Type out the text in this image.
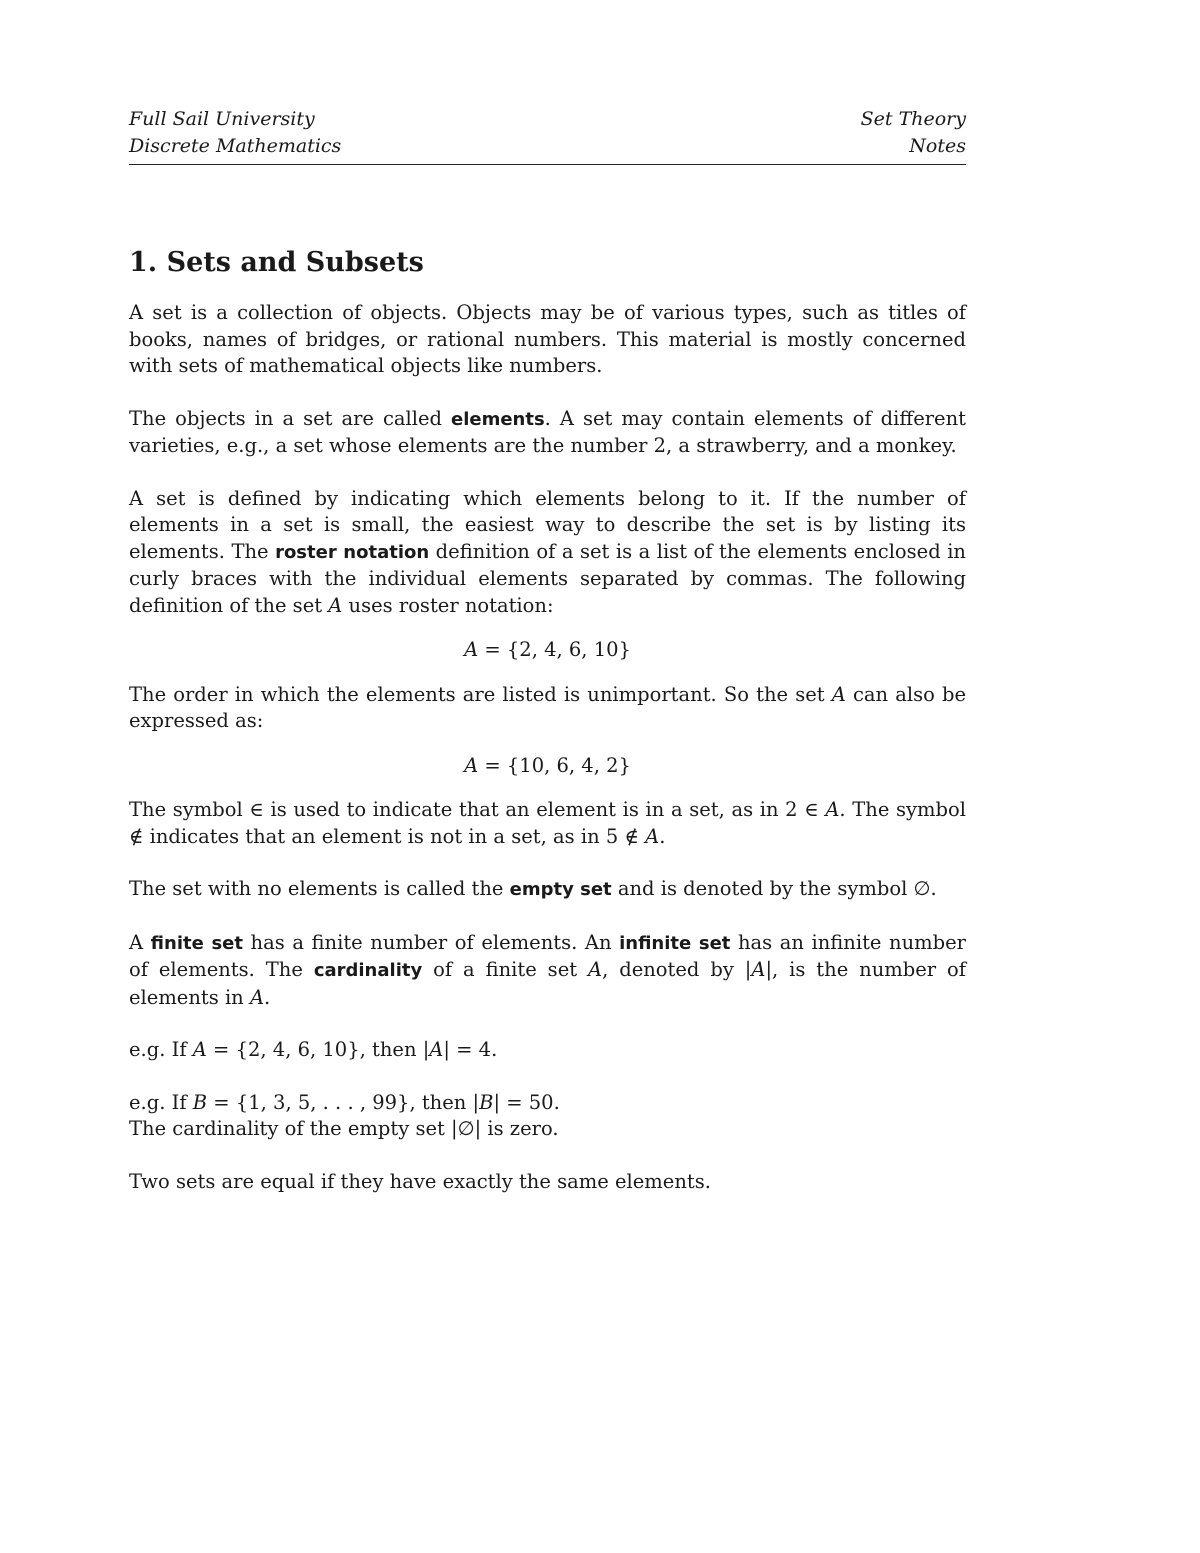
Full Sail University	Set Theory
Discrete Mathematics	Notes
1. Sets and Subsets

A set is a collection of objects. Objects may be of various types, such as titles of books, names of bridges, or rational numbers. This material is mostly concerned with sets of mathematical objects like numbers.

The objects in a set are called elements. A set may contain elements of different varieties, e.g., a set whose elements are the number 2, a strawberry, and a monkey.

A set is defined by indicating which elements belong to it. If the number of elements in a set is small, the easiest way to describe the set is by listing its elements. The roster notation definition of a set is a list of the elements enclosed in curly braces with the individual elements separated by commas. The following definition of the set A uses roster notation:

A = {2, 4, 6, 10}

The order in which the elements are listed is unimportant. So the set A can also be expressed as:

A = {10, 6, 4, 2}

The symbol ∈ is used to indicate that an element is in a set, as in 2 ∈ A. The symbol ∉ indicates that an element is not in a set, as in 5 ∉ A.

The set with no elements is called the empty set and is denoted by the symbol ∅.

A finite set has a finite number of elements. An infinite set has an infinite number of elements. The cardinality of a finite set A, denoted by |A|, is the number of elements in A.

e.g. If A = {2, 4, 6, 10}, then |A| = 4.

e.g. If B = {1, 3, 5, . . . , 99}, then |B| = 50.

The cardinality of the empty set |∅| is zero.

Two sets are equal if they have exactly the same elements.
